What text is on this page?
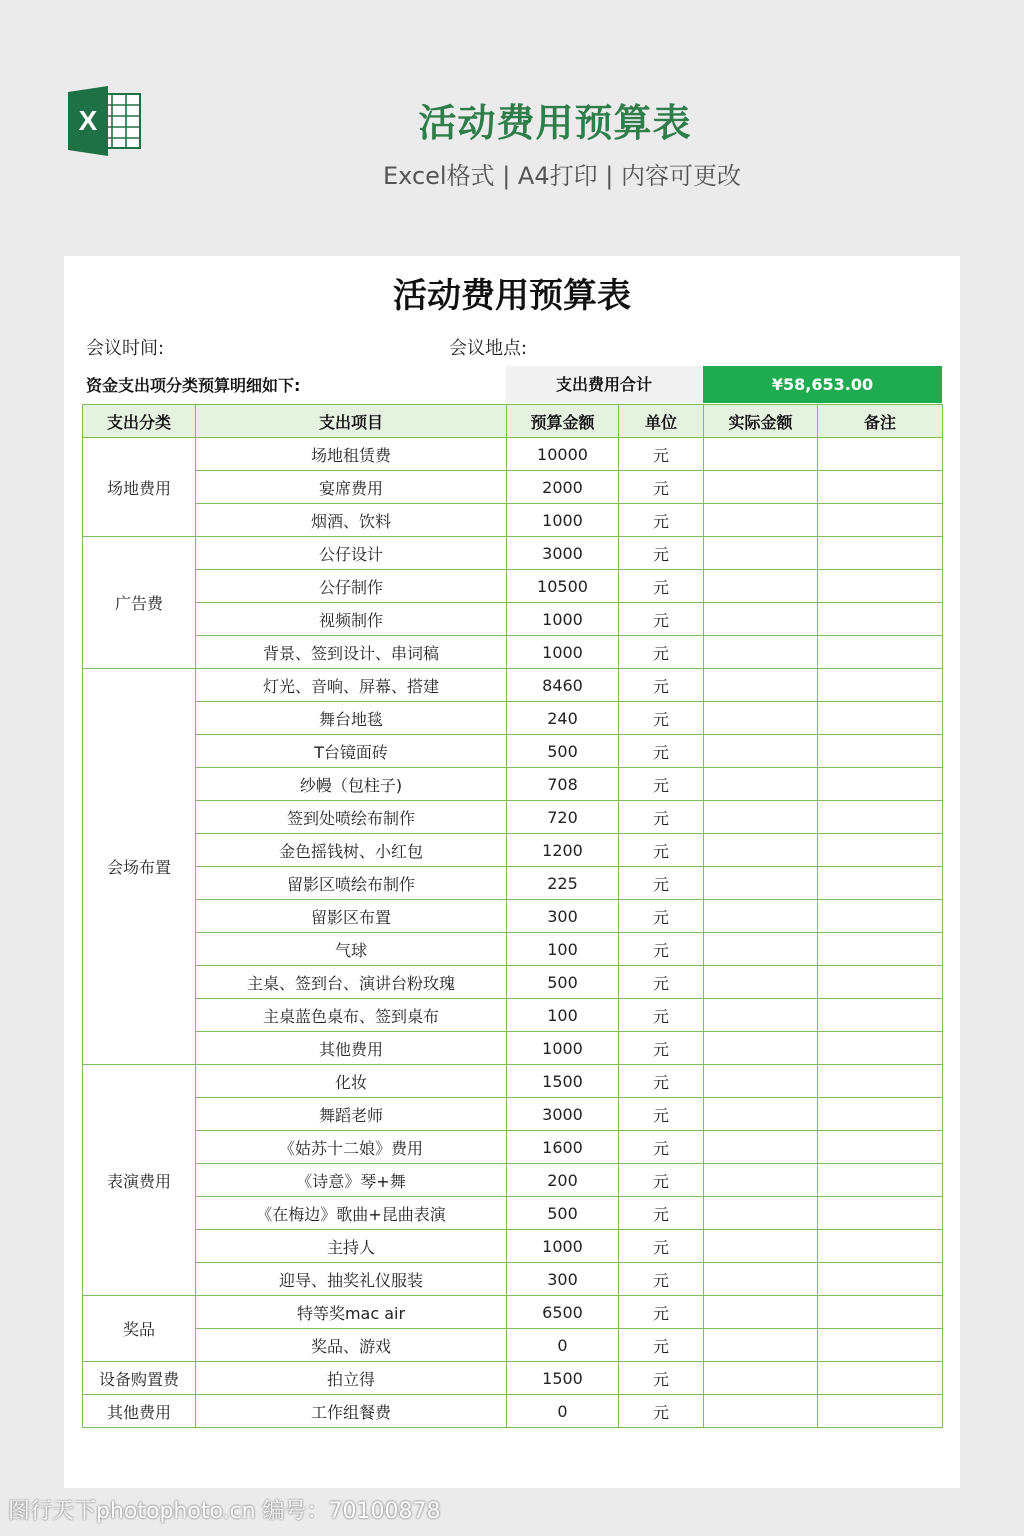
X	活动费用预算表
Excel格式 | A4打印 | 内容可更改
活动费用预算表
会议时间:	会议地点:
资金支出项分类预算明细如下:	支出费用合计	¥58,653.00
支出分类	支出项目	预算金额	单位	实际金额	备注
场地费用	场地租赁费	10000	元		
	宴席费用	2000	元		
	烟酒、饮料	1000	元		
广告费	公仔设计	3000	元		
	公仔制作	10500	元		
	视频制作	1000	元		
	背景、签到设计、串词稿	1000	元		
会场布置	灯光、音响、屏幕、搭建	8460	元		
	舞台地毯	240	元		
	T台镜面砖	500	元		
	纱幔（包柱子)	708	元		
	签到处喷绘布制作	720	元		
	金色摇钱树、小红包	1200	元		
	留影区喷绘布制作	225	元		
	留影区布置	300	元		
	气球	100	元		
	主桌、签到台、演讲台粉玫瑰	500	元		
	主桌蓝色桌布、签到桌布	100	元		
	其他费用	1000	元		
表演费用	化妆	1500	元		
	舞蹈老师	3000	元		
	《姑苏十二娘》费用	1600	元		
	《诗意》琴+舞	200	元		
	《在梅边》歌曲+昆曲表演	500	元		
	主持人	1000	元		
	迎导、抽奖礼仪服装	300	元		
奖品	特等奖mac air	6500	元		
	奖品、游戏	0	元		
设备购置费	拍立得	1500	元		
其他费用	工作组餐费	0	元		
图行天下photophoto.cn 编号：70100878
